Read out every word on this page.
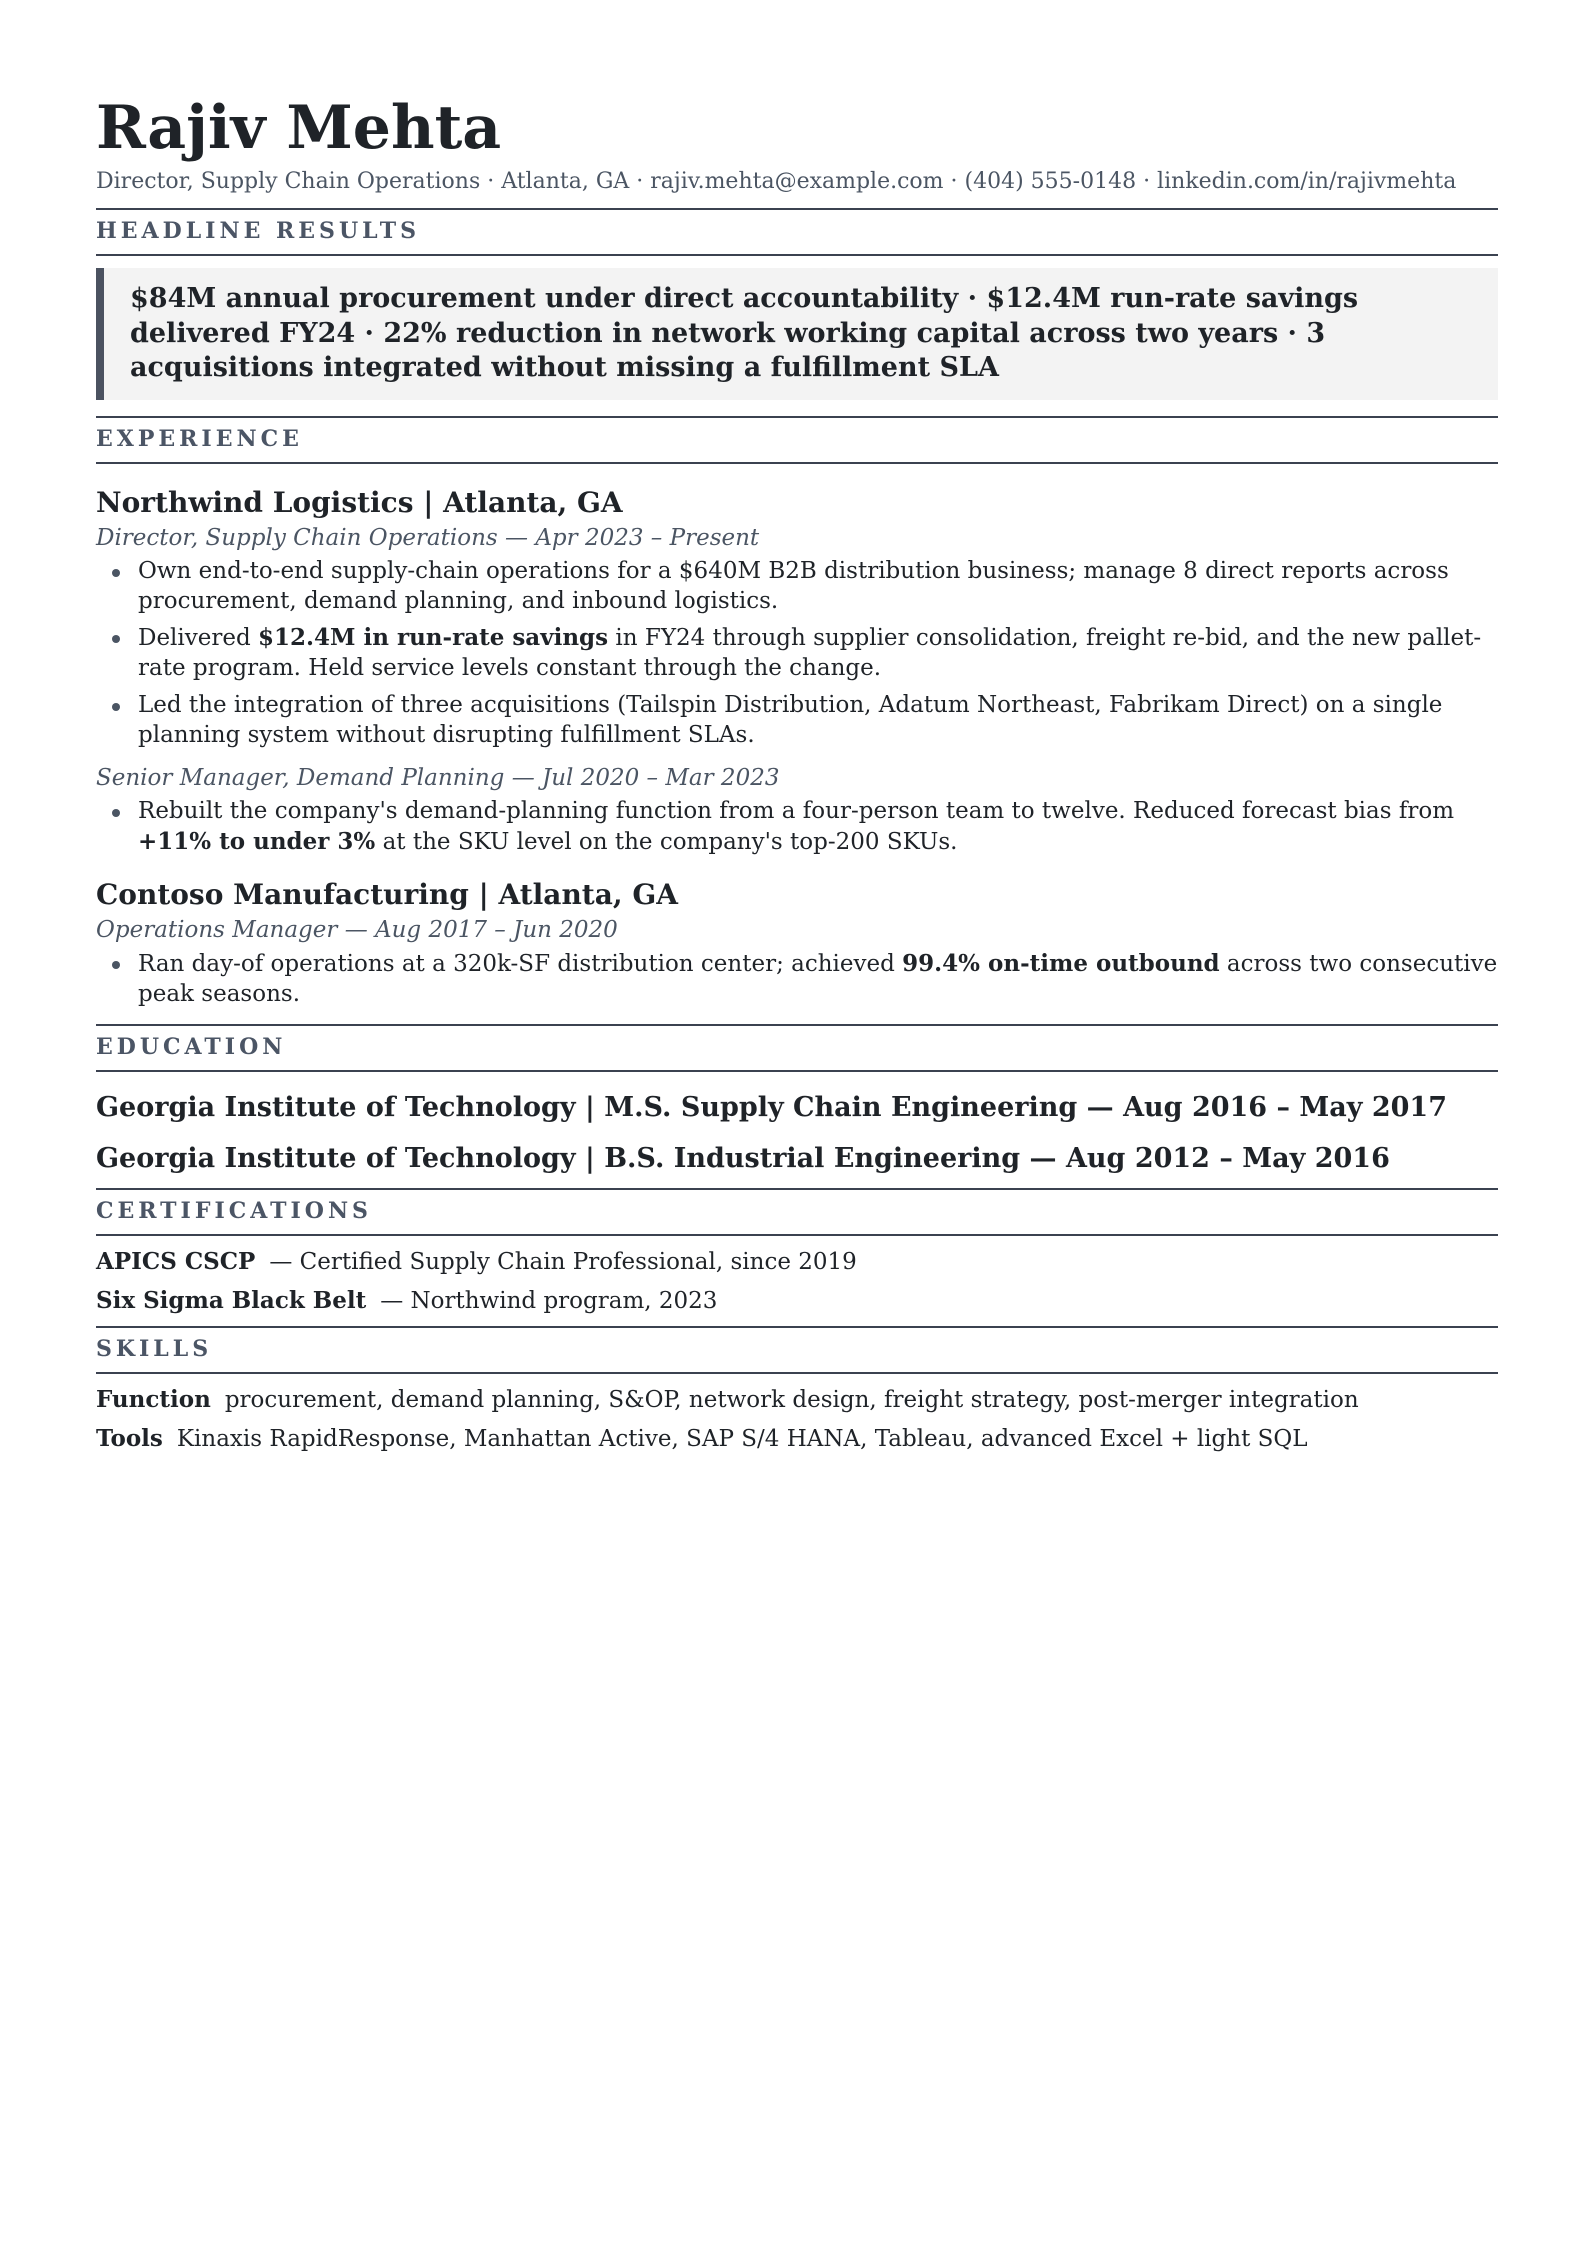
Rajiv Mehta
Director, Supply Chain Operations · Atlanta, GA · rajiv.mehta@example.com · (404) 555-0148 · linkedin.com/in/rajivmehta
HEADLINE RESULTS
$84M annual procurement under direct accountability · $12.4M run-rate savings delivered FY24 · 22% reduction in network working capital across two years · 3 acquisitions integrated without missing a fulfillment SLA
EXPERIENCE
Northwind Logistics | Atlanta, GA
Director, Supply Chain Operations — Apr 2023 – Present
Own end-to-end supply-chain operations for a $640M B2B distribution business; manage 8 direct reports across procurement, demand planning, and inbound logistics.
Delivered $12.4M in run-rate savings in FY24 through supplier consolidation, freight re-bid, and the new pallet-rate program. Held service levels constant through the change.
Led the integration of three acquisitions (Tailspin Distribution, Adatum Northeast, Fabrikam Direct) on a single planning system without disrupting fulfillment SLAs.
Senior Manager, Demand Planning — Jul 2020 – Mar 2023
Rebuilt the company's demand-planning function from a four-person team to twelve. Reduced forecast bias from +11% to under 3% at the SKU level on the company's top-200 SKUs.
Contoso Manufacturing | Atlanta, GA
Operations Manager — Aug 2017 – Jun 2020
Ran day-of operations at a 320k-SF distribution center; achieved 99.4% on-time outbound across two consecutive peak seasons.
EDUCATION
Georgia Institute of Technology | M.S. Supply Chain Engineering — Aug 2016 – May 2017
Georgia Institute of Technology | B.S. Industrial Engineering — Aug 2012 – May 2016
CERTIFICATIONS
APICS CSCP — Certified Supply Chain Professional, since 2019
Six Sigma Black Belt — Northwind program, 2023
SKILLS
Function procurement, demand planning, S&OP, network design, freight strategy, post-merger integration
Tools Kinaxis RapidResponse, Manhattan Active, SAP S/4 HANA, Tableau, advanced Excel + light SQL
